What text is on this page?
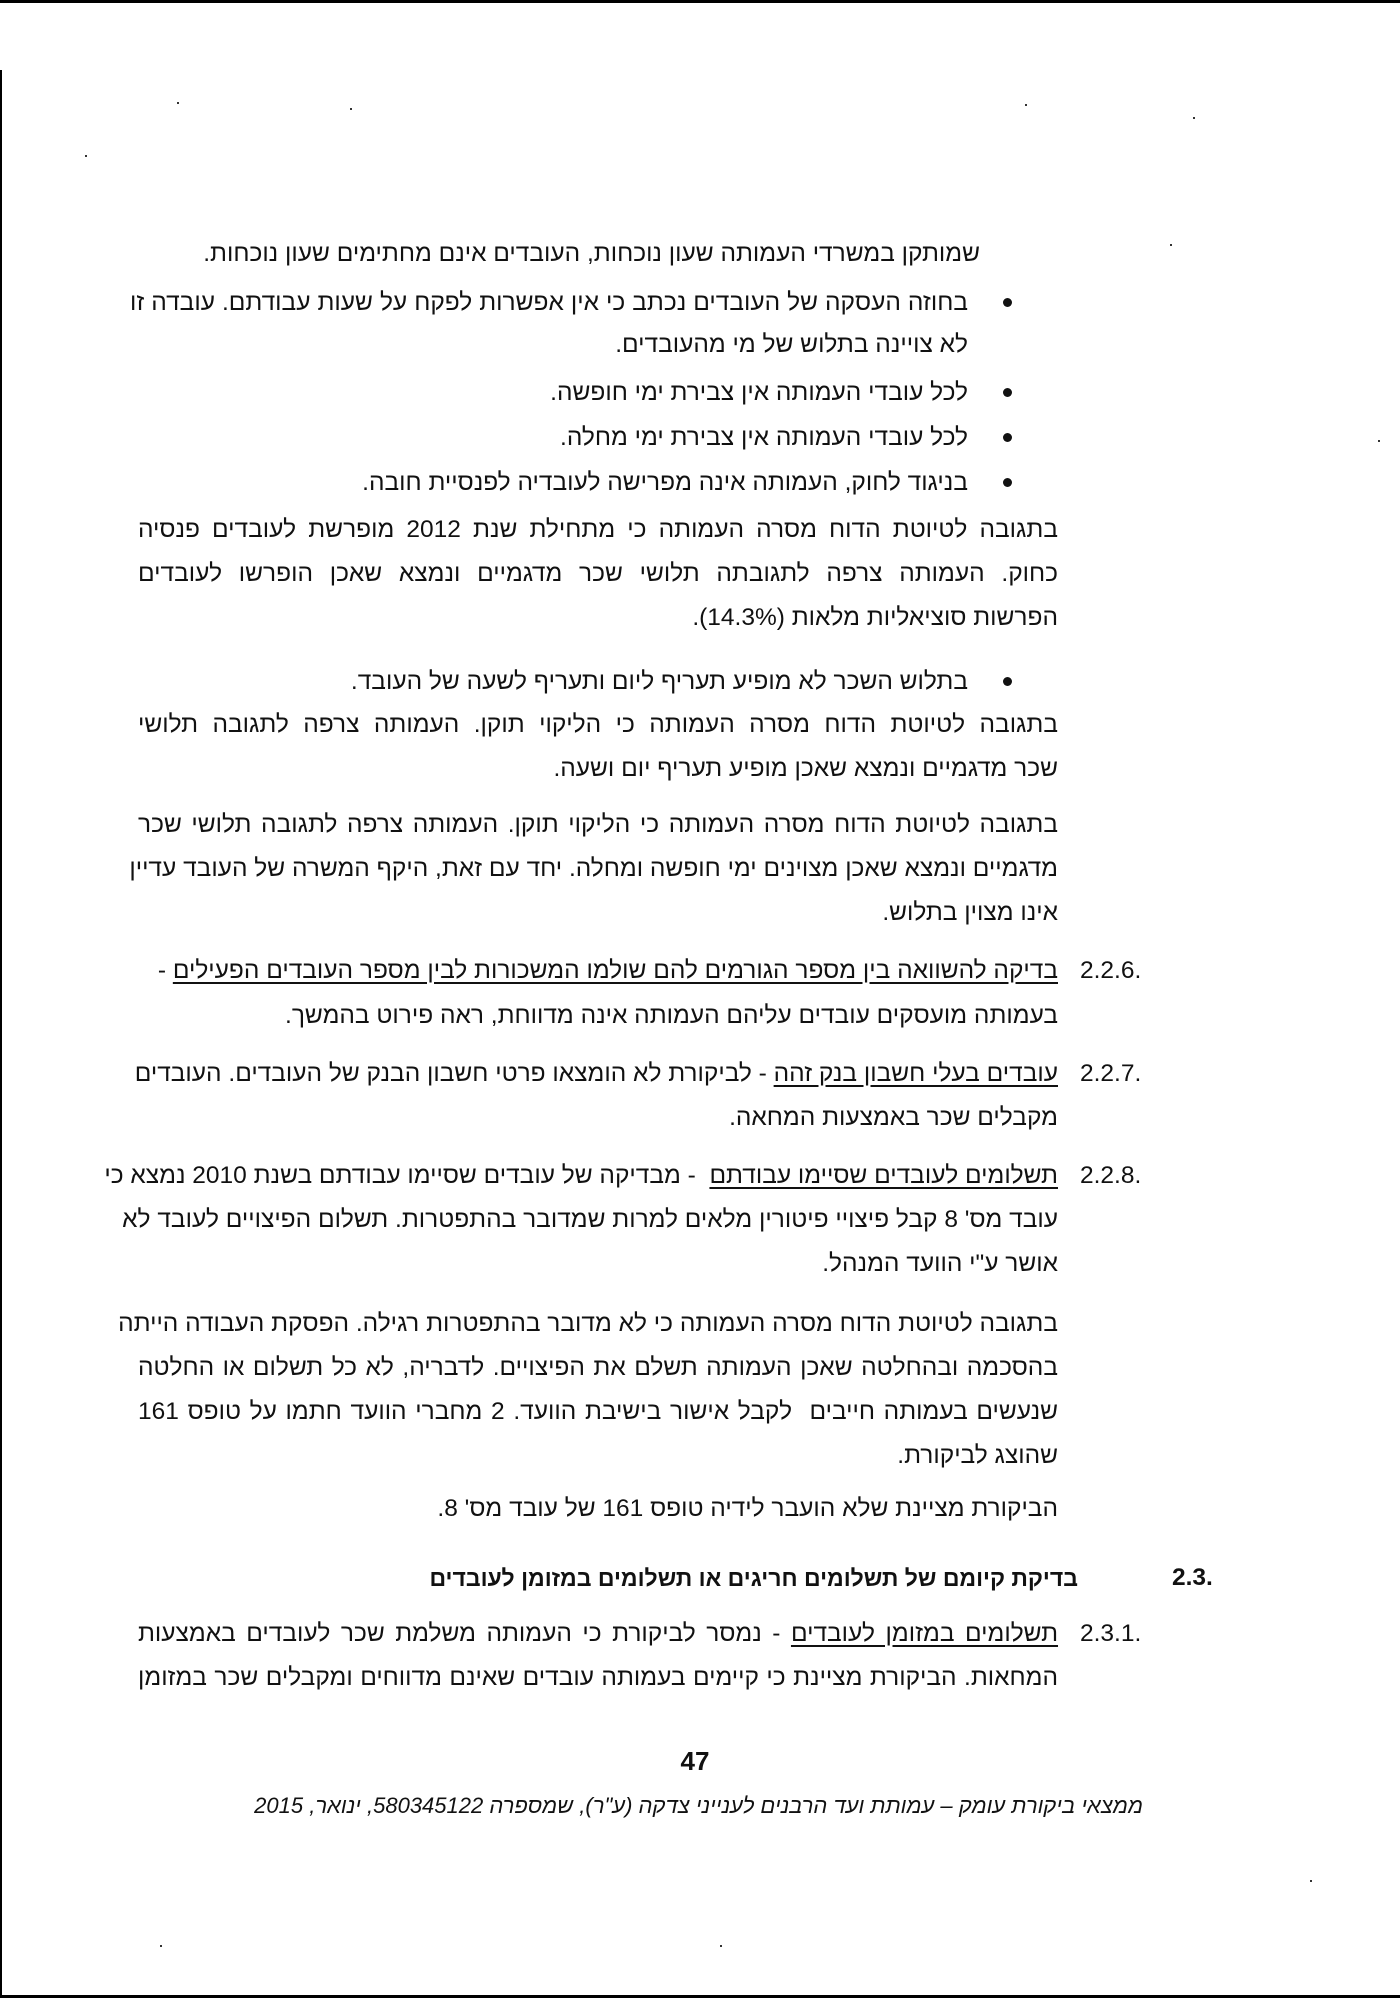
שמותקן במשרדי העמותה שעון נוכחות, העובדים אינם מחתימים שעון נוכחות.
בחוזה העסקה של העובדים נכתב כי אין אפשרות לפקח על שעות עבודתם. עובדה זו
לא צויינה בתלוש של מי מהעובדים.
לכל עובדי העמותה אין צבירת ימי חופשה.
לכל עובדי העמותה אין צבירת ימי מחלה.
בניגוד לחוק, העמותה אינה מפרישה לעובדיה לפנסיית חובה.
בתגובה לטיוטת הדוח מסרה העמותה כי מתחילת שנת 2012 מופרשת לעובדים פנסיה
כחוק. העמותה צרפה לתגובתה תלושי שכר מדגמיים ונמצא שאכן הופרשו לעובדים
הפרשות סוציאליות מלאות (14.3%).
בתלוש השכר לא מופיע תעריף ליום ותעריף לשעה של העובד.
בתגובה לטיוטת הדוח מסרה העמותה כי הליקוי תוקן. העמותה צרפה לתגובה תלושי
שכר מדגמיים ונמצא שאכן מופיע תעריף יום ושעה.
בתגובה לטיוטת הדוח מסרה העמותה כי הליקוי תוקן. העמותה צרפה לתגובה תלושי שכר
מדגמיים ונמצא שאכן מצוינים ימי חופשה ומחלה. יחד עם זאת, היקף המשרה של העובד עדיין
אינו מצוין בתלוש.
2.2.6.
בדיקה להשוואה בין מספר הגורמים להם שולמו המשכורות לבין מספר העובדים הפעילים -
בעמותה מועסקים עובדים עליהם העמותה אינה מדווחת, ראה פירוט בהמשך.
2.2.7.
עובדים בעלי חשבון בנק זהה - לביקורת לא הומצאו פרטי חשבון הבנק של העובדים. העובדים
מקבלים שכר באמצעות המחאה.
2.2.8.
תשלומים לעובדים שסיימו עבודתם  - מבדיקה של עובדים שסיימו עבודתם בשנת 2010 נמצא כי
עובד מס' 8 קבל פיצויי פיטורין מלאים למרות שמדובר בהתפטרות. תשלום הפיצויים לעובד לא
אושר ע"י הוועד המנהל.
בתגובה לטיוטת הדוח מסרה העמותה כי לא מדובר בהתפטרות רגילה. הפסקת העבודה הייתה
בהסכמה ובהחלטה שאכן העמותה תשלם את הפיצויים. לדבריה, לא כל תשלום או החלטה
שנעשים בעמותה חייבים  לקבל אישור בישיבת הוועד. 2 מחברי הוועד חתמו על טופס 161
שהוצג לביקורת.
הביקורת מציינת שלא הועבר לידיה טופס 161 של עובד מס' 8.
2.3.
בדיקת קיומם של תשלומים חריגים או תשלומים במזומן לעובדים
2.3.1.
תשלומים במזומן לעובדים - נמסר לביקורת כי העמותה משלמת שכר לעובדים באמצעות
המחאות. הביקורת מציינת כי קיימים בעמותה עובדים שאינם מדווחים ומקבלים שכר במזומן
47
ממצאי ביקורת עומק – עמותת ועד הרבנים לענייני צדקה (ע"ר), שמספרה 580345122, ינואר, 2015
